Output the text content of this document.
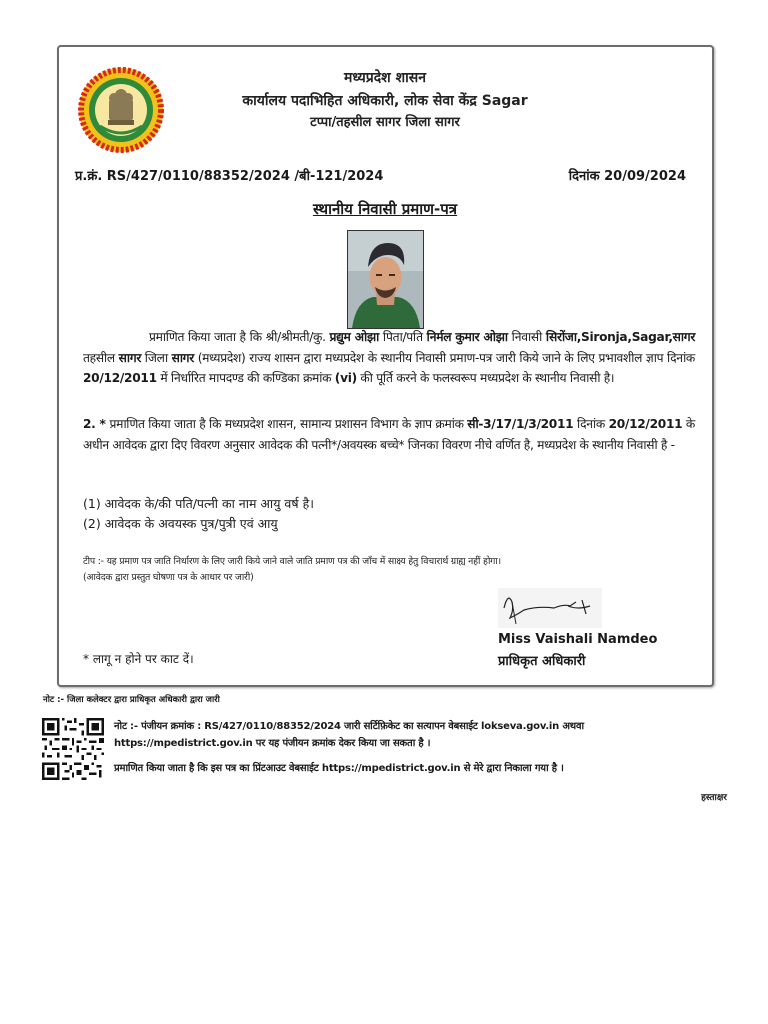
मध्यप्रदेश शासन
कार्यालय पदाभिहित अधिकारी, लोक सेवा केंद्र Sagar
टप्पा/तहसील सागर जिला सागर
प्र.क्रं. RS/427/0110/88352/2024 /बी-121/2024	दिनांक 20/09/2024
स्थानीय निवासी प्रमाण-पत्र
प्रमाणित किया जाता है कि श्री/श्रीमती/कु. प्रद्युम ओझा पिता/पति निर्मल कुमार ओझा निवासी सिरोंजा,Sironja,Sagar,सागर तहसील सागर जिला सागर (मध्यप्रदेश) राज्य शासन द्वारा मध्यप्रदेश के स्थानीय निवासी प्रमाण-पत्र जारी किये जाने के लिए प्रभावशील ज्ञाप दिनांक 20/12/2011 में निर्धारित मापदण्ड की कण्डिका क्रमांक (vi) की पूर्ति करने के फलस्वरूप मध्यप्रदेश के स्थानीय निवासी है।
2. * प्रमाणित किया जाता है कि मध्यप्रदेश शासन, सामान्य प्रशासन विभाग के ज्ञाप क्रमांक सी-3/17/1/3/2011 दिनांक 20/12/2011 के अधीन आवेदक द्वारा दिए विवरण अनुसार आवेदक की पत्नी*/अवयस्क बच्चे* जिनका विवरण नीचे वर्णित है, मध्यप्रदेश के स्थानीय निवासी है -
(1) आवेदक के/की पति/पत्नी का नाम आयु वर्ष है।
(2) आवेदक के अवयस्क पुत्र/पुत्री एवं आयु
टीप :- यह प्रमाण पत्र जाति निर्धारण के लिए जारी किये जाने वाले जाति प्रमाण पत्र की जाँच में साक्ष्य हेतु विचारार्थ ग्राह्य नहीं होगा।
(आवेदक द्वारा प्रस्तुत घोषणा पत्र के आधार पर जारी)
Miss Vaishali Namdeo
प्राधिकृत अधिकारी
* लागू न होने पर काट दें।
नोट :- जिला कलेक्टर द्वारा प्राधिकृत अधिकारी द्वारा जारी
नोट :- पंजीयन क्रमांक : RS/427/0110/88352/2024 जारी सर्टिफ़िकेट का सत्यापन वेबसाईट lokseva.gov.in अथवा
https://mpedistrict.gov.in पर यह पंजीयन क्रमांक देकर किया जा सकता है ।
प्रमाणित किया जाता है कि इस पत्र का प्रिंटआउट वेबसाईट https://mpedistrict.gov.in से मेरे द्वारा निकाला गया है ।
हस्ताक्षर
